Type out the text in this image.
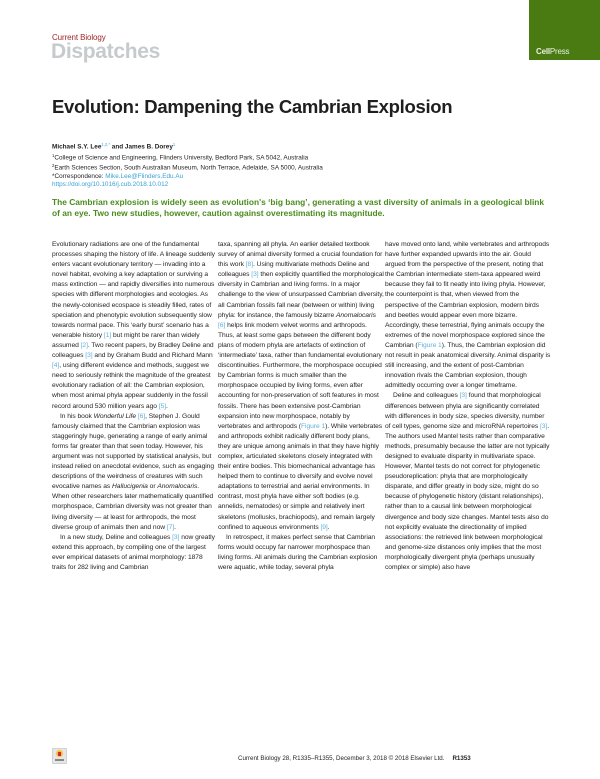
Current Biology
Dispatches	CellPress
Evolution: Dampening the Cambrian Explosion
Michael S.Y. Lee$^{1,2,*}$ and James B. Dorey$^1$
$^1$College of Science and Engineering, Flinders University, Bedford Park, SA 5042, Australia
$^2$Earth Sciences Section, South Australian Museum, North Terrace, Adelaide, SA 5000, Australia
*Correspondence: Mike.Lee@Flinders.Edu.Au
https://doi.org/10.1016/j.cub.2018.10.012
The Cambrian explosion is widely seen as evolution's ‘big bang’, generating a vast diversity of animals in a geological blink of an eye. Two new studies, however, caution against overestimating its magnitude.

Evolutionary radiations are one of the fundamental processes shaping the history of life. A lineage suddenly enters vacant evolutionary territory — invading into a novel habitat, evolving a key adaptation or surviving a mass extinction — and rapidly diversifies into numerous species with different morphologies and ecologies. As the newly-colonised ecospace is steadily filled, rates of speciation and phenotypic evolution subsequently slow towards normal pace. This ‘early burst’ scenario has a venerable history [1] but might be rarer than widely assumed [2]. Two recent papers, by Bradley Deline and colleagues [3] and by Graham Budd and Richard Mann [4], using different evidence and methods, suggest we need to seriously rethink the magnitude of the greatest evolutionary radiation of all: the Cambrian explosion, when most animal phyla appear suddenly in the fossil record around 530 million years ago [5].

In his book Wonderful Life [6], Stephen J. Gould famously claimed that the Cambrian explosion was staggeringly huge, generating a range of early animal forms far greater than that seen today. However, his argument was not supported by statistical analysis, but instead relied on anecdotal evidence, such as engaging descriptions of the weirdness of creatures with such evocative names as Hallucigenia or Anomalocaris. When other researchers later mathematically quantified morphospace, Cambrian diversity was not greater than living diversity — at least for arthropods, the most diverse group of animals then and now [7].

In a new study, Deline and colleagues [3] now greatly extend this approach, by compiling one of the largest ever empirical datasets of animal morphology: 1878 traits for 282 living and Cambrian

taxa, spanning all phyla. An earlier detailed textbook survey of animal diversity formed a crucial foundation for this work [8]. Using multivariate methods Deline and colleagues [3] then explicitly quantified the morphological diversity in Cambrian and living forms. In a major challenge to the view of unsurpassed Cambrian diversity, all Cambrian fossils fall near (between or within) living phyla: for instance, the famously bizarre Anomalocaris [6] helps link modern velvet worms and arthropods. Thus, at least some gaps between the different body plans of modern phyla are artefacts of extinction of ‘intermediate’ taxa, rather than fundamental evolutionary discontinuities. Furthermore, the morphospace occupied by Cambrian forms is much smaller than the morphospace occupied by living forms, even after accounting for non-preservation of soft features in most fossils. There has been extensive post-Cambrian expansion into new morphospace, notably by vertebrates and arthropods (Figure 1). While vertebrates and arthropods exhibit radically different body plans, they are unique among animals in that they have highly complex, articulated skeletons closely integrated with their entire bodies. This biomechanical advantage has helped them to continue to diversify and evolve novel adaptations to terrestrial and aerial environments. In contrast, most phyla have either soft bodies (e.g. annelids, nematodes) or simple and relatively inert skeletons (mollusks, brachiopods), and remain largely confined to aqueous environments [9].

In retrospect, it makes perfect sense that Cambrian forms would occupy far narrower morphospace than living forms. All animals during the Cambrian explosion were aquatic, while today, several phyla

have moved onto land, while vertebrates and arthropods have further expanded upwards into the air. Gould argued from the perspective of the present, noting that the Cambrian intermediate stem-taxa appeared weird because they fail to fit neatly into living phyla. However, the counterpoint is that, when viewed from the perspective of the Cambrian explosion, modern birds and beetles would appear even more bizarre. Accordingly, these terrestrial, flying animals occupy the extremes of the novel morphospace explored since the Cambrian (Figure 1). Thus, the Cambrian explosion did not result in peak anatomical diversity. Animal disparity is still increasing, and the extent of post-Cambrian innovation rivals the Cambrian explosion, though admittedly occurring over a longer timeframe.

Deline and colleagues [3] found that morphological differences between phyla are significantly correlated with differences in body size, species diversity, number of cell types, genome size and microRNA repertoires [3]. The authors used Mantel tests rather than comparative methods, presumably because the latter are not typically designed to evaluate disparity in multivariate space. However, Mantel tests do not correct for phylogenetic pseudoreplication: phyla that are morphologically disparate, and differ greatly in body size, might do so because of phylogenetic history (distant relationships), rather than to a causal link between morphological divergence and body size changes. Mantel tests also do not explicitly evaluate the directionality of implied associations: the retrieved link between morphological and genome-size distances only implies that the most morphologically divergent phyla (perhaps unusually complex or simple) also have

Current Biology 28, R1335–R1355, December 3, 2018 © 2018 Elsevier Ltd. R1353
